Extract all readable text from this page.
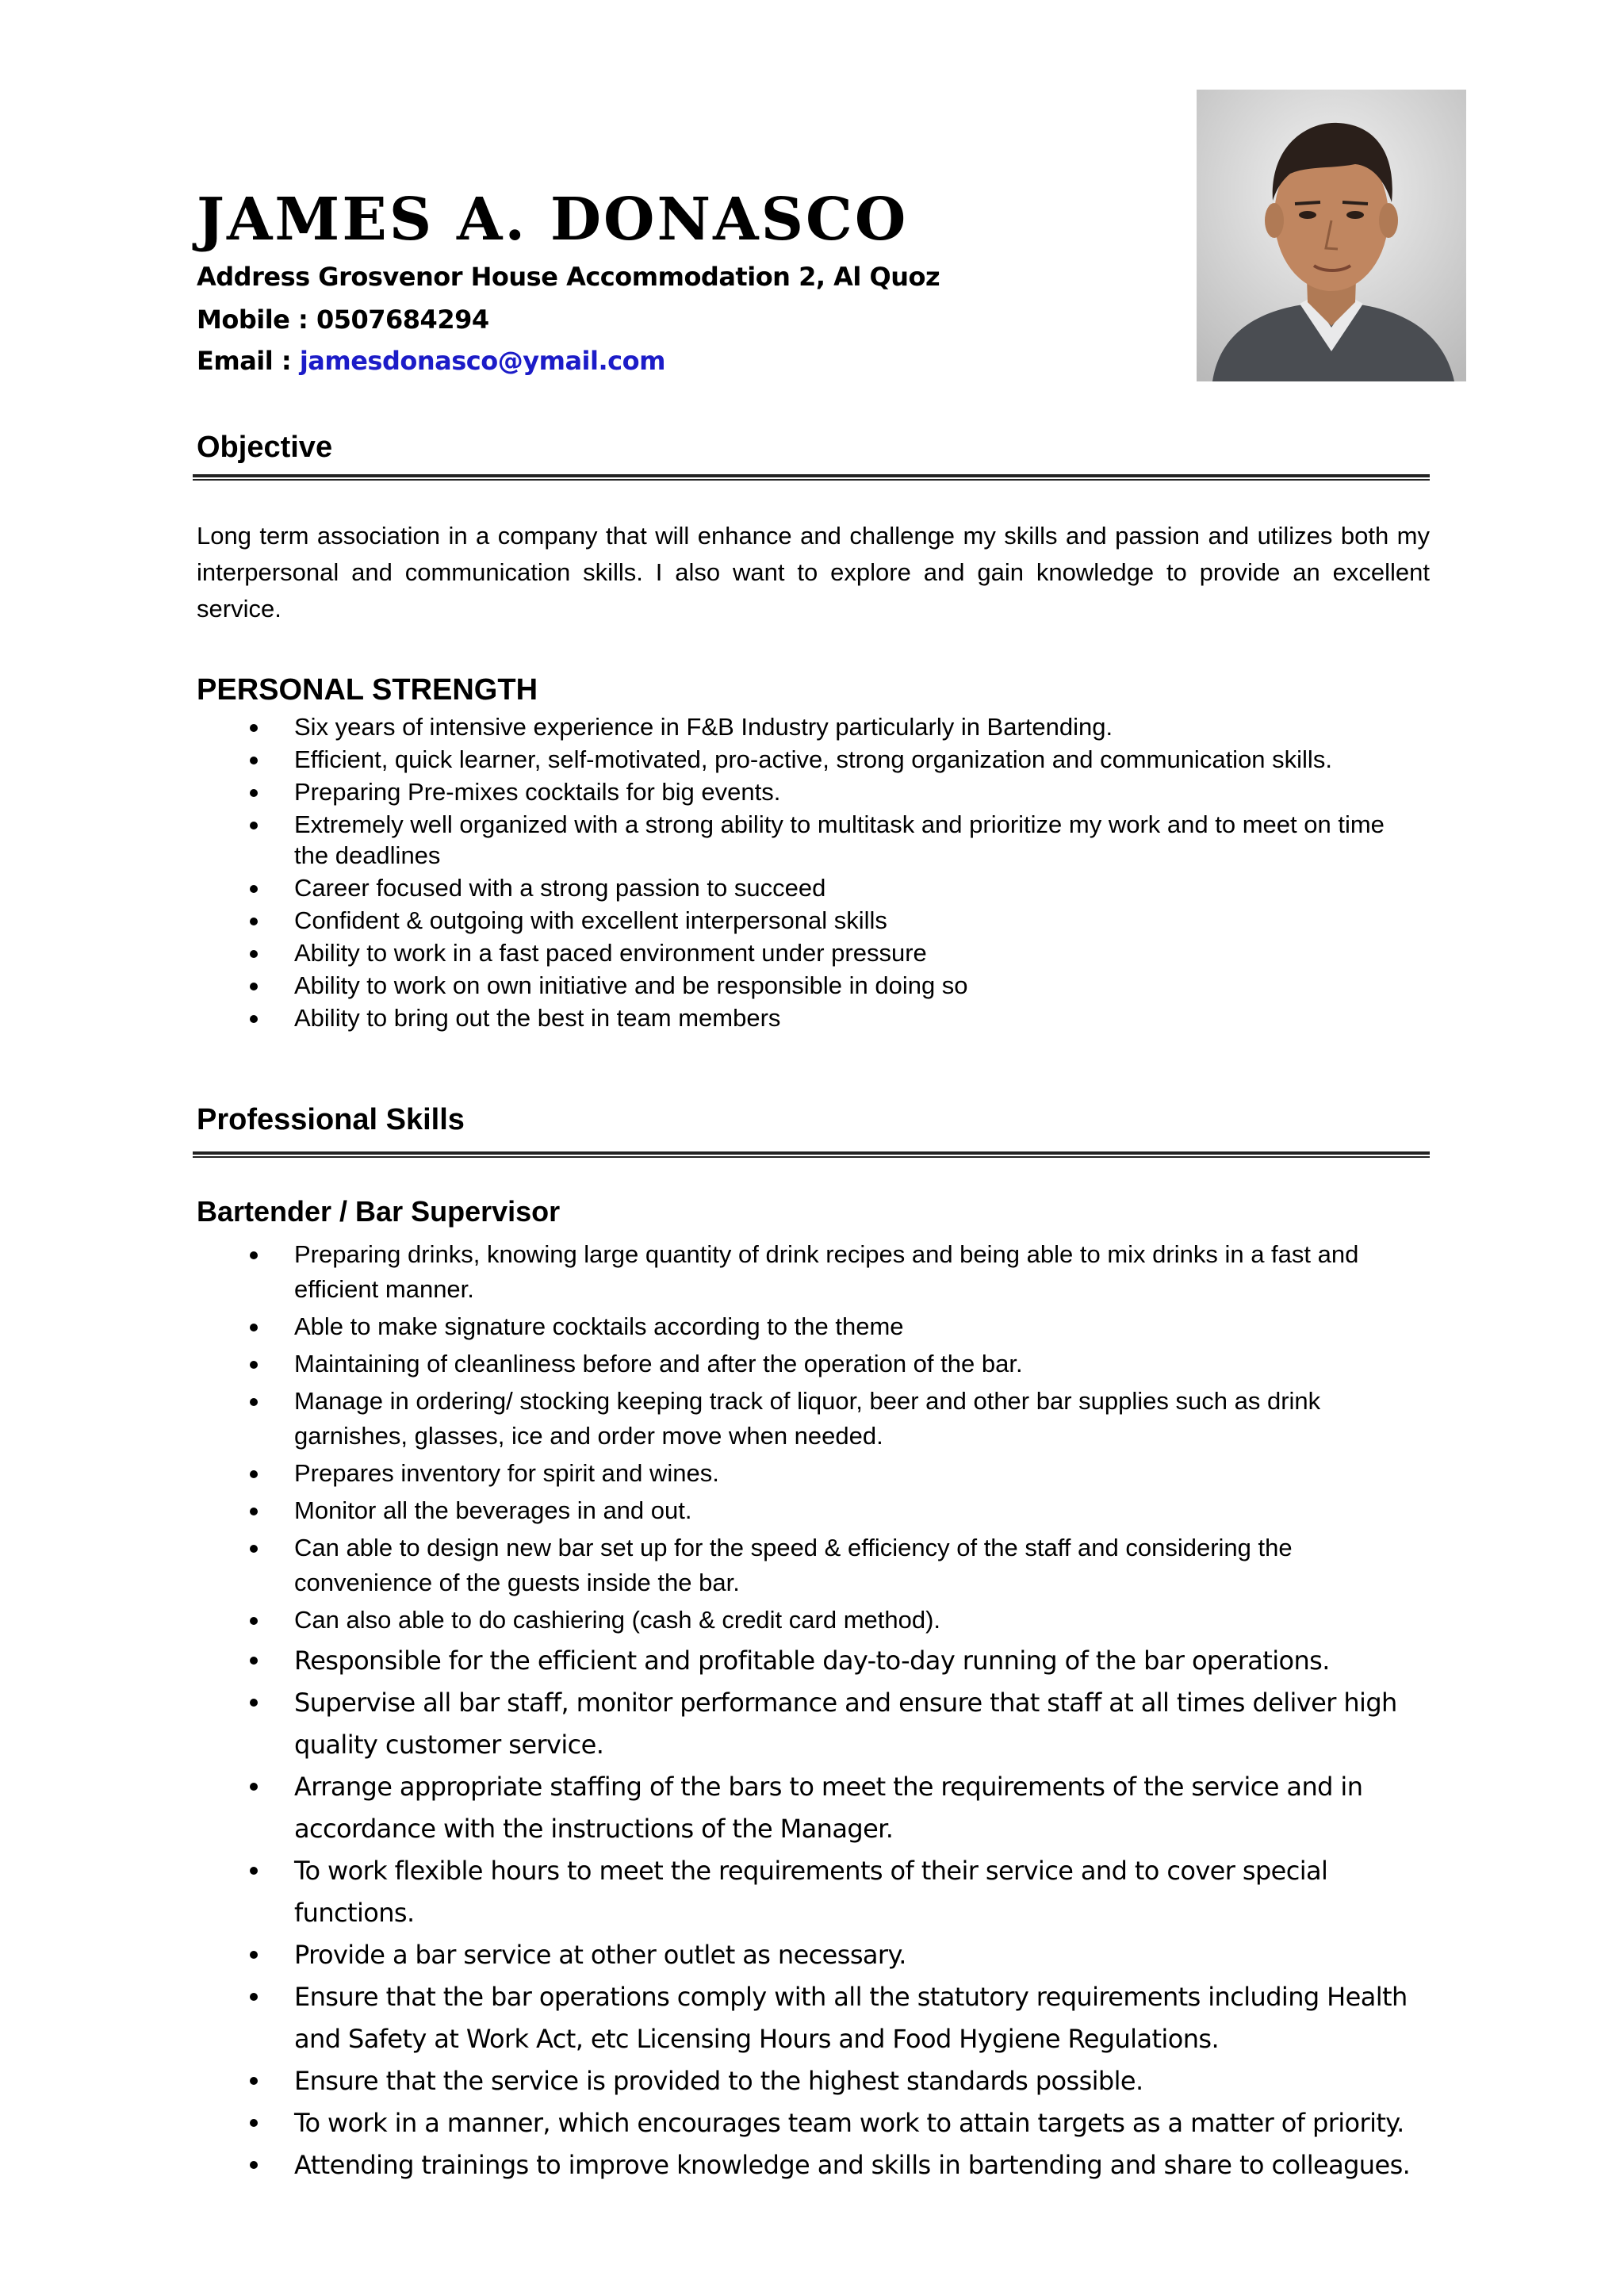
JAMES A. DONASCO

Address Grosvenor House Accommodation 2, Al Quoz

Mobile : 0507684294

Email : jamesdonasco@ymail.com

Objective

Long term association in a company that will enhance and challenge my skills and passion and utilizes both my interpersonal and communication skills. I also want to explore and gain knowledge to provide an excellent service.

PERSONAL STRENGTH
Six years of intensive experience in F&B Industry particularly in Bartending.
Efficient, quick learner, self-motivated, pro-active, strong organization and communication skills.
Preparing Pre-mixes cocktails for big events.
Extremely well organized with a strong ability to multitask and prioritize my work and to meet on time the deadlines
Career focused with a strong passion to succeed
Confident & outgoing with excellent interpersonal skills
Ability to work in a fast paced environment under pressure
Ability to work on own initiative and be responsible in doing so
Ability to bring out the best in team members
Professional Skills
Bartender / Bar Supervisor
Preparing drinks, knowing large quantity of drink recipes and being able to mix drinks in a fast and efficient manner.
Able to make signature cocktails according to the theme
Maintaining of cleanliness before and after the operation of the bar.
Manage in ordering/ stocking keeping track of liquor, beer and other bar supplies such as drink garnishes, glasses, ice and order move when needed.
Prepares inventory for spirit and wines.
Monitor all the beverages in and out.
Can able to design new bar set up for the speed & efficiency of the staff and considering the convenience of the guests inside the bar.
Can also able to do cashiering (cash & credit card method).
Responsible for the efficient and profitable day-to-day running of the bar operations.
Supervise all bar staff, monitor performance and ensure that staff at all times deliver high quality customer service.
Arrange appropriate staffing of the bars to meet the requirements of the service and in accordance with the instructions of the Manager.
To work flexible hours to meet the requirements of their service and to cover special functions.
Provide a bar service at other outlet as necessary.
Ensure that the bar operations comply with all the statutory requirements including Health and Safety at Work Act, etc Licensing Hours and Food Hygiene Regulations.
Ensure that the service is provided to the highest standards possible.
To work in a manner, which encourages team work to attain targets as a matter of priority.
Attending trainings to improve knowledge and skills in bartending and share to colleagues.
